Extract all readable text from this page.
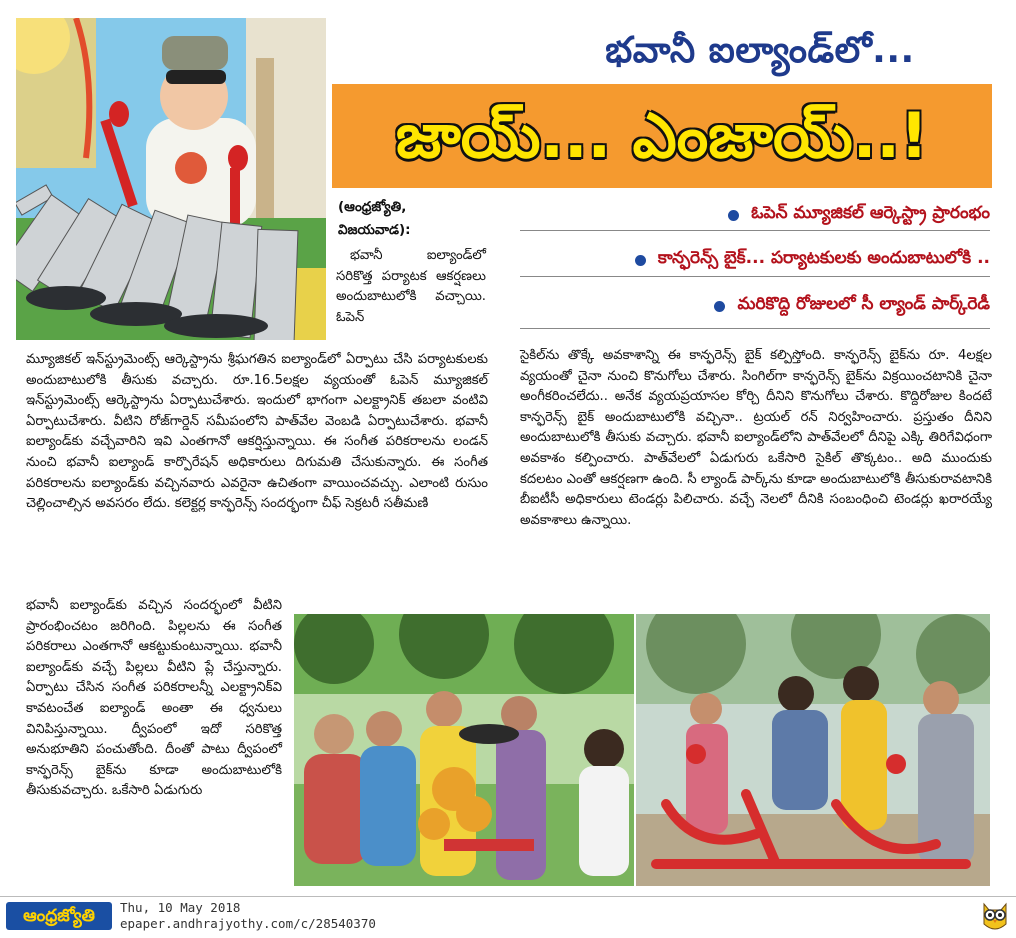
భవానీ ఐల్యాండ్‌లో...
జాయ్... ఎంజాయ్..!
ఓపెన్ మ్యూజికల్ ఆర్కెస్ట్రా ప్రారంభం
కాన్ఫరెన్స్ బైక్... పర్యాటకులకు అందుబాటులోకి ..
మరికొద్ది రోజులలో సీ ల్యాండ్ పార్క్‌రెడీ
(ఆంధ్రజ్యోతి,
విజయవాడ):

భవానీ ఐల్యాండ్‌లో సరికొత్త పర్యాటక ఆకర్షణలు అందుబాటులోకి వచ్చాయి. ఓపెన్

మ్యూజికల్ ఇన్‌స్ట్రుమెంట్స్ ఆర్కెస్ట్రాను శ్రీఘగతిన ఐల్యాండ్‌లో ఏర్పాటు చేసి పర్యాటకులకు అందుబాటులోకి తీసుకు వచ్చారు. రూ.16.5లక్షల వ్యయంతో ఓపెన్ మ్యూజికల్ ఇన్‌స్ట్రుమెంట్స్ ఆర్కెస్ట్రాను ఏర్పాటుచేశారు. ఇందులో భాగంగా ఎలక్ట్రానిక్ తబలా వంటివి ఏర్పాటుచేశారు. వీటిని రోజ్‌గార్డెన్ సమీపంలోని పాత్‌వేల వెంబడి ఏర్పాటుచేశారు. భవానీ ఐల్యాండ్‌కు వచ్చేవారిని ఇవి ఎంతగానో ఆకర్షిస్తున్నాయి. ఈ సంగీత పరికరాలను లండన్ నుంచి భవానీ ఐల్యాండ్ కార్పొరేషన్ అధికారులు దిగుమతి చేసుకున్నారు. ఈ సంగీత పరికరాలను ఐల్యాండ్‌కు వచ్చినవారు ఎవరైనా ఉచితంగా వాయించవచ్చు. ఎలాంటి రుసుం చెల్లించాల్సిన అవసరం లేదు. కలెక్టర్ల కాన్ఫరెన్స్ సందర్భంగా చీఫ్ సెక్రటరీ సతీమణి

భవానీ ఐల్యాండ్‌కు వచ్చిన సందర్భంలో వీటిని ప్రారంభించటం జరిగింది. పిల్లలను ఈ సంగీత పరికరాలు ఎంతగానో ఆకట్టుకుంటున్నాయి. భవానీ ఐల్యాండ్‌కు వచ్చే పిల్లలు వీటిని ప్లే చేస్తున్నారు. ఏర్పాటు చేసిన సంగీత పరికరాలన్నీ ఎలక్ట్రానిక్‌వి కావటంచేత ఐల్యాండ్ అంతా ఈ ధ్వనులు వినిపిస్తున్నాయి. ద్వీపంలో ఇదో సరికొత్త అనుభూతిని పంచుతోంది. దీంతో పాటు ద్వీపంలో కాన్ఫరెన్స్ బైక్‌ను కూడా అందుబాటులోకి తీసుకువచ్చారు. ఒకేసారి ఏడుగురు

సైకిల్‌ను తొక్కే అవకాశాన్ని ఈ కాన్ఫరెన్స్ బైక్ కల్పిస్తోంది. కాన్ఫరెన్స్ బైక్‌ను రూ. 4లక్షల వ్యయంతో చైనా నుంచి కొనుగోలు చేశారు. సింగిల్‌గా కాన్ఫరెన్స్ బైక్‌ను విక్రయించటానికి చైనా అంగీకరించలేదు.. అనేక వ్యయప్రయాసల కోర్చి దీనిని కొనుగోలు చేశారు. కొద్దిరోజుల కిందటే కాన్ఫరెన్స్ బైక్ అందుబాటులోకి వచ్చినా.. ట్రయల్ రన్ నిర్వహించారు. ప్రస్తుతం దీనిని అందుబాటులోకి తీసుకు వచ్చారు. భవానీ ఐల్యాండ్‌లోని పాత్‌వేలలో దీనిపై ఎక్కి తిరిగేవిధంగా అవకాశం కల్పించారు. పాత్‌వేలలో ఏడుగురు ఒకేసారి సైకిల్ తొక్కటం.. అది ముందుకు కదలటం ఎంతో ఆకర్షణగా ఉంది. సీ ల్యాండ్ పార్క్‌ను కూడా అందుబాటులోకి తీసుకురావటానికి బీఐటీసీ అధికారులు టెండర్లు పిలిచారు. వచ్చే నెలలో దీనికి సంబంధించి టెండర్లు ఖరారయ్యే అవకాశాలు ఉన్నాయి.

ఆంధ్రజ్యోతి	Thu, 10 May 2018
epaper.andhrajyothy.com/c/28540370
